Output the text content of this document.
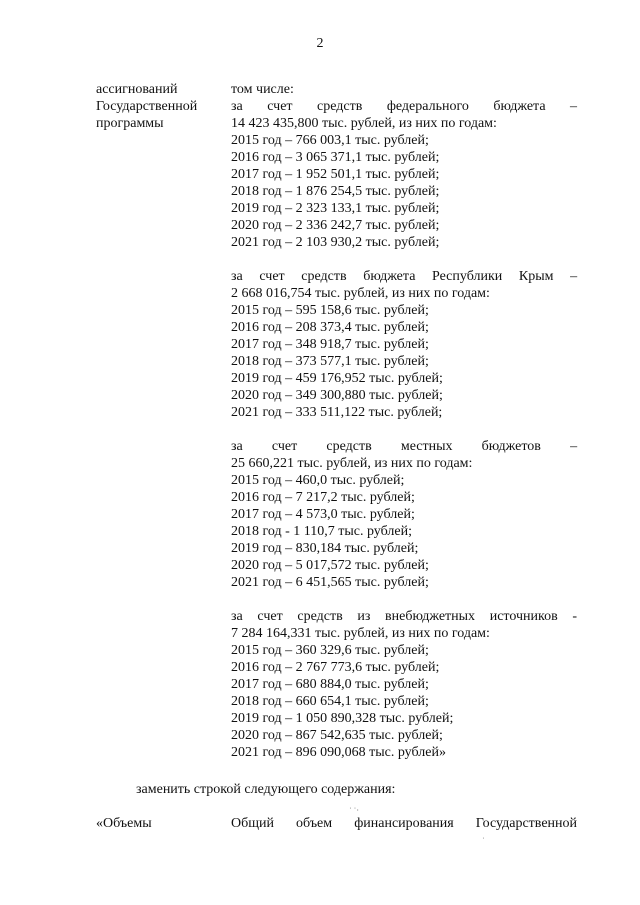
2
ассигнований
Государственной
программы
том числе:
за счет средств федерального бюджета –
14 423 435,800 тыс. рублей, из них по годам:
2015 год – 766 003,1 тыс. рублей;
2016 год – 3 065 371,1 тыс. рублей;
2017 год – 1 952 501,1 тыс. рублей;
2018 год – 1 876 254,5 тыс. рублей;
2019 год – 2 323 133,1 тыс. рублей;
2020 год – 2 336 242,7 тыс. рублей;
2021 год – 2 103 930,2 тыс. рублей;
за счет средств бюджета Республики Крым –
2 668 016,754 тыс. рублей, из них по годам:
2015 год – 595 158,6 тыс. рублей;
2016 год – 208 373,4 тыс. рублей;
2017 год – 348 918,7 тыс. рублей;
2018 год – 373 577,1 тыс. рублей;
2019 год – 459 176,952 тыс. рублей;
2020 год – 349 300,880 тыс. рублей;
2021 год – 333 511,122 тыс. рублей;
за счет средств местных бюджетов –
25 660,221 тыс. рублей, из них по годам:
2015 год – 460,0 тыс. рублей;
2016 год – 7 217,2 тыс. рублей;
2017 год – 4 573,0 тыс. рублей;
2018 год - 1 110,7 тыс. рублей;
2019 год – 830,184 тыс. рублей;
2020 год – 5 017,572 тыс. рублей;
2021 год – 6 451,565 тыс. рублей;
за счет средств из внебюджетных источников -
7 284 164,331 тыс. рублей, из них по годам:
2015 год – 360 329,6 тыс. рублей;
2016 год – 2 767 773,6 тыс. рублей;
2017 год – 680 884,0 тыс. рублей;
2018 год – 660 654,1 тыс. рублей;
2019 год – 1 050 890,328 тыс. рублей;
2020 год – 867 542,635 тыс. рублей;
2021 год – 896 090,068 тыс. рублей»
заменить строкой следующего содержания:
«Объемы	Общий объем финансирования Государственной
˙ ˙·
˙
